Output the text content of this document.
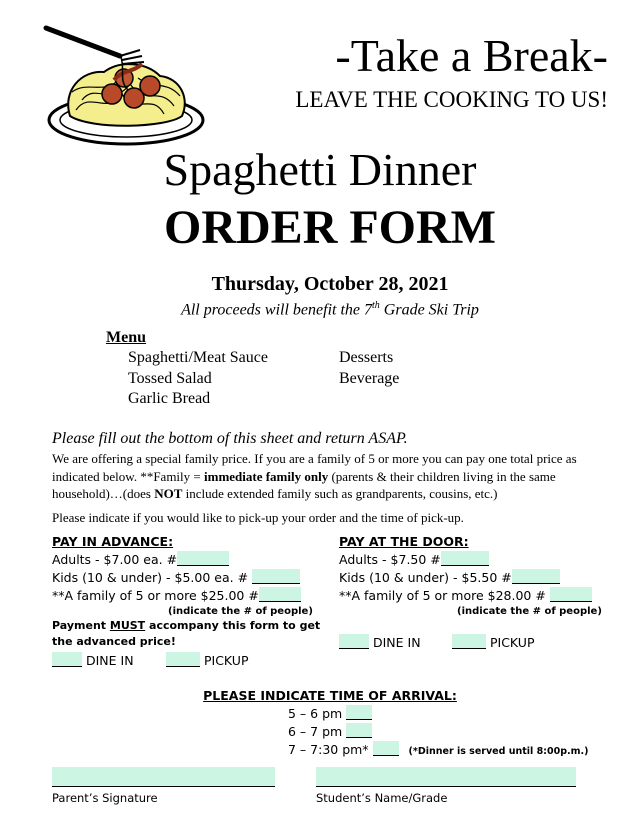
-Take a Break-
LEAVE THE COOKING TO US!
Spaghetti Dinner
ORDER FORM
Thursday, October 28, 2021
All proceeds will benefit the 7th Grade Ski Trip
Menu
Spaghetti/Meat Sauce
Tossed Salad
Garlic Bread
Desserts
Beverage
Please fill out the bottom of this sheet and return ASAP.
We are offering a special family price. If you are a family of 5 or more you can pay one total price as indicated below. **Family = immediate family only (parents & their children living in the same household)…(does NOT include extended family such as grandparents, cousins, etc.)
Please indicate if you would like to pick-up your order and the time of pick-up.
PAY IN ADVANCE:
Adults - $7.00 ea. #
Kids (10 & under) - $5.00 ea. #
**A family of 5 or more $25.00 #
(indicate the # of people)
Payment MUST accompany this form to get the advanced price!
DINE IN	PICKUP
PAY AT THE DOOR:
Adults - $7.50 #
Kids (10 & under) - $5.50 #
**A family of 5 or more $28.00 #
(indicate the # of people)
DINE IN	PICKUP
PLEASE INDICATE TIME OF ARRIVAL:
5 – 6 pm
6 – 7 pm
7 – 7:30 pm*	(*Dinner is served until 8:00p.m.)
Parent’s Signature	Student’s Name/Grade
